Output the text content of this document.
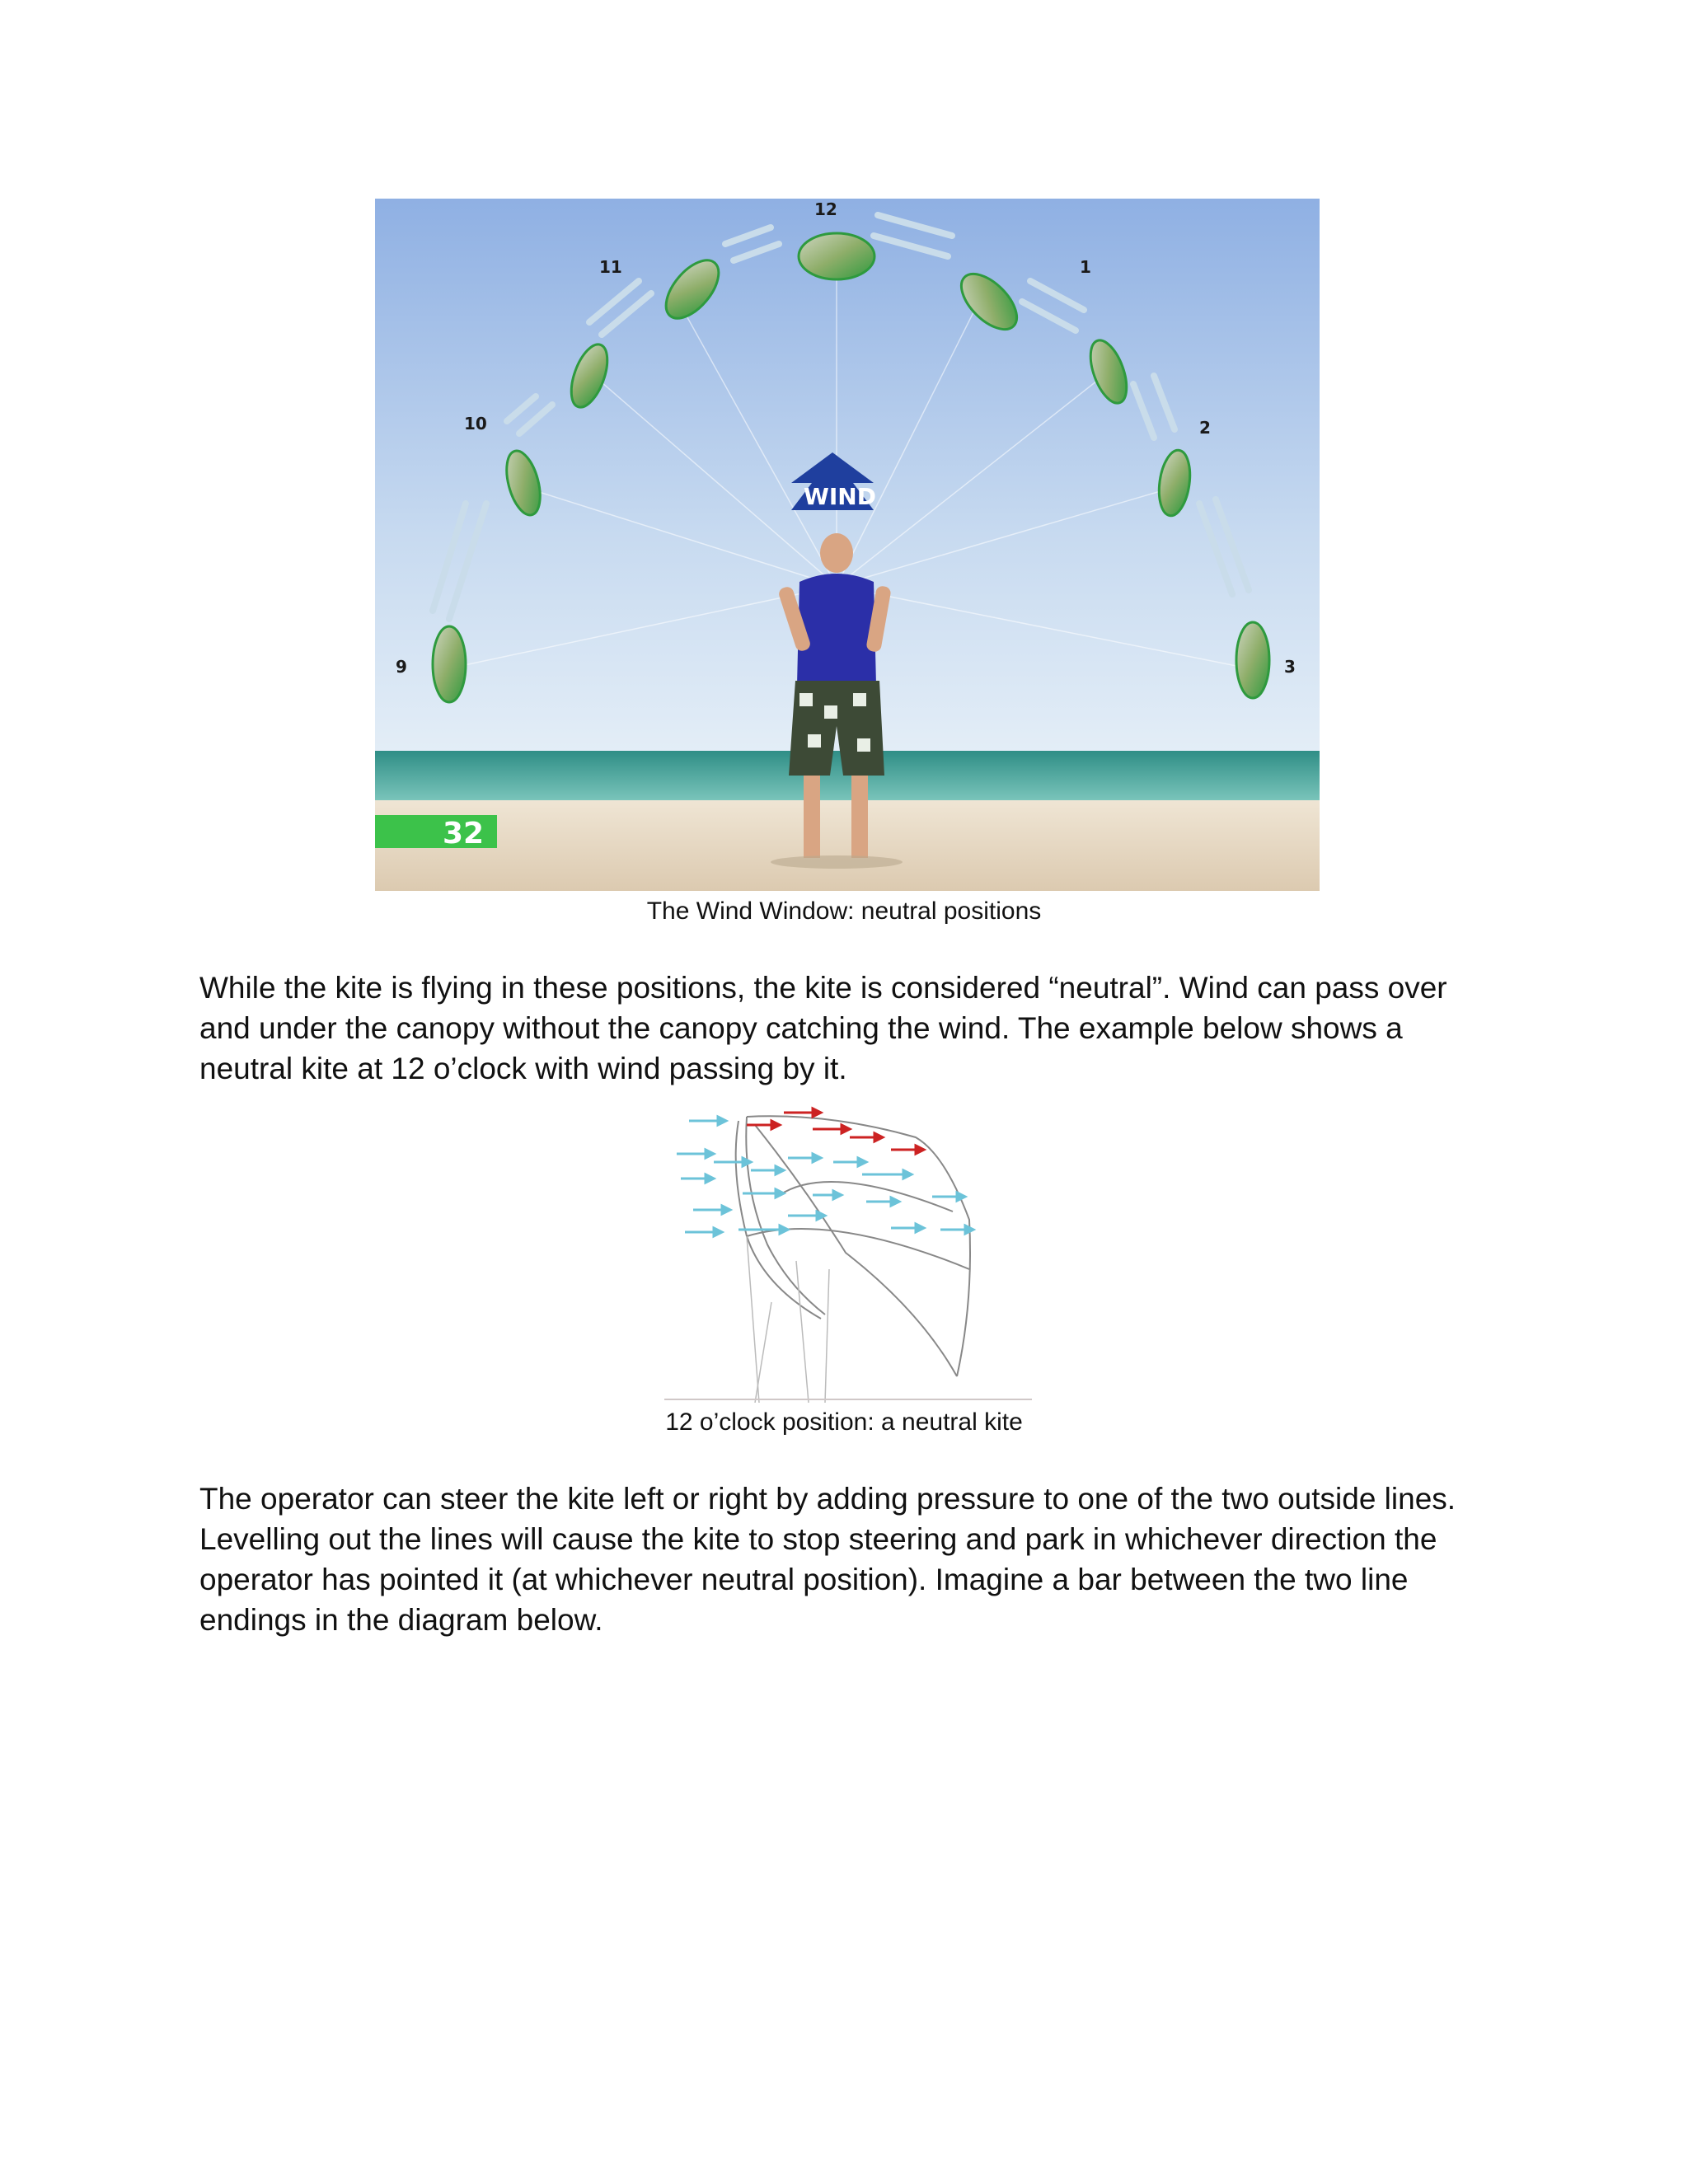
9
10
11
12
1
2
3
WIND
32
The Wind Window: neutral positions

While the kite is flying in these positions, the kite is considered “neutral”. Wind can pass over and under the canopy without the canopy catching the wind. The example below shows a neutral kite at 12 o’clock with wind passing by it.

12 o’clock position: a neutral kite

The operator can steer the kite left or right by adding pressure to one of the two outside lines. Levelling out the lines will cause the kite to stop steering and park in whichever direction the operator has pointed it (at whichever neutral position). Imagine a bar between the two line endings in the diagram below.
